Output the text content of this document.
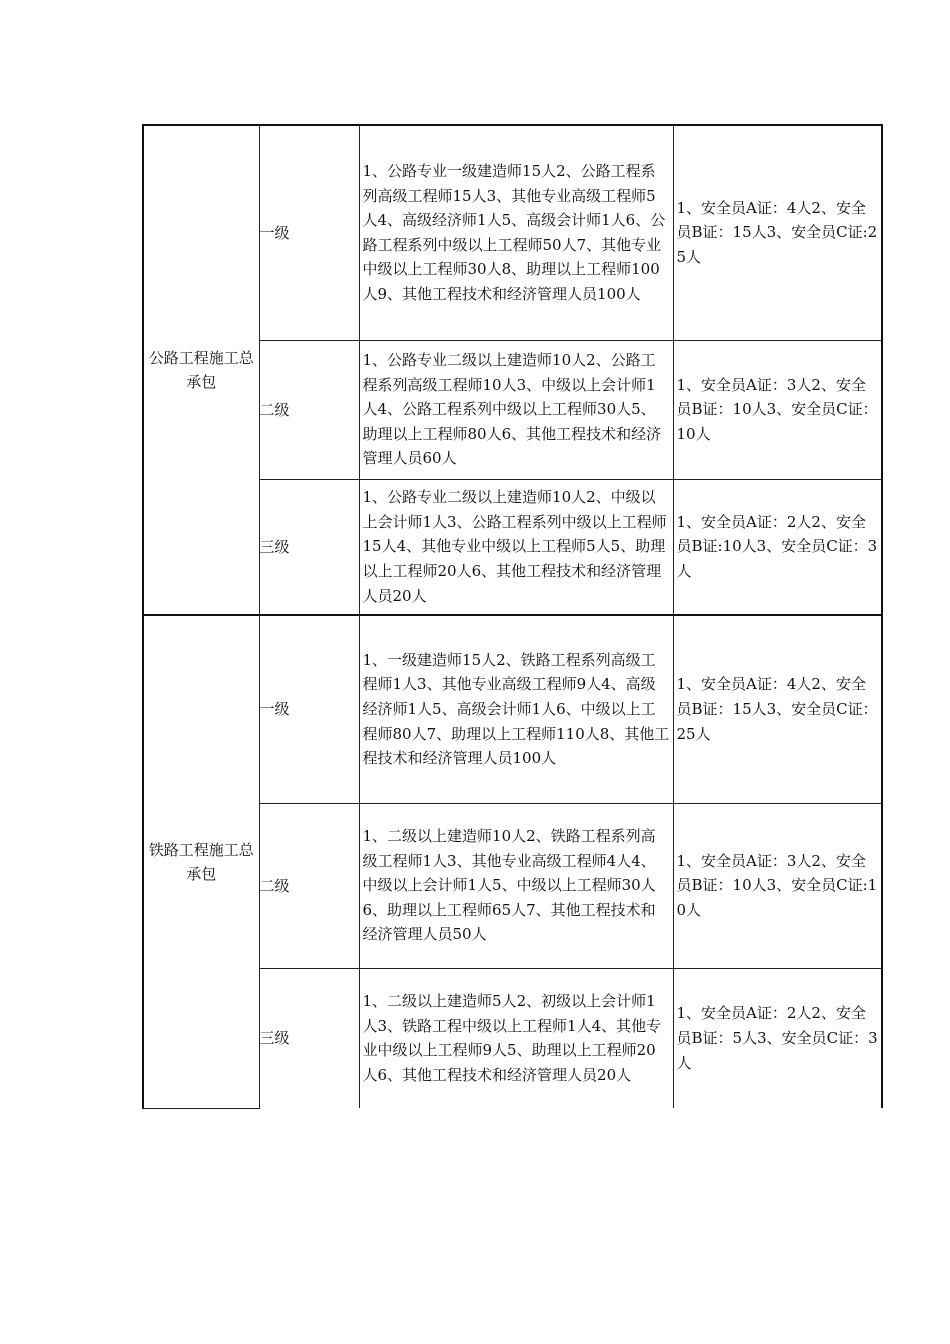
公路工程施工总承包	一级	1、公路专业一级建造师15人2、公路工程系列高级工程师15人3、其他专业高级工程师5人4、高级经济师1人5、高级会计师1人6、公路工程系列中级以上工程师50人7、其他专业中级以上工程师30人8、助理以上工程师100人9、其他工程技术和经济管理人员100人	1、安全员A证：4人2、安全员B证：15人3、安全员C证:25人
	二级	1、公路专业二级以上建造师10人2、公路工程系列高级工程师10人3、中级以上会计师1人4、公路工程系列中级以上工程师30人5、助理以上工程师80人6、其他工程技术和经济管理人员60人	1、安全员A证：3人2、安全员B证：10人3、安全员C证：10人
	三级	1、公路专业二级以上建造师10人2、中级以上会计师1人3、公路工程系列中级以上工程师15人4、其他专业中级以上工程师5人5、助理以上工程师20人6、其他工程技术和经济管理人员20人	1、安全员A证：2人2、安全员B证:10人3、安全员C证：3人
铁路工程施工总承包	一级	1、一级建造师15人2、铁路工程系列高级工程师1人3、其他专业高级工程师9人4、高级经济师1人5、高级会计师1人6、中级以上工程师80人7、助理以上工程师110人8、其他工程技术和经济管理人员100人	1、安全员A证：4人2、安全员B证：15人3、安全员C证：25人
	二级	1、二级以上建造师10人2、铁路工程系列高级工程师1人3、其他专业高级工程师4人4、中级以上会计师1人5、中级以上工程师30人6、助理以上工程师65人7、其他工程技术和经济管理人员50人	1、安全员A证：3人2、安全员B证：10人3、安全员C证:10人
	三级	1、二级以上建造师5人2、初级以上会计师1人3、铁路工程中级以上工程师1人4、其他专业中级以上工程师9人5、助理以上工程师20人6、其他工程技术和经济管理人员20人	1、安全员A证：2人2、安全员B证：5人3、安全员C证：3人
